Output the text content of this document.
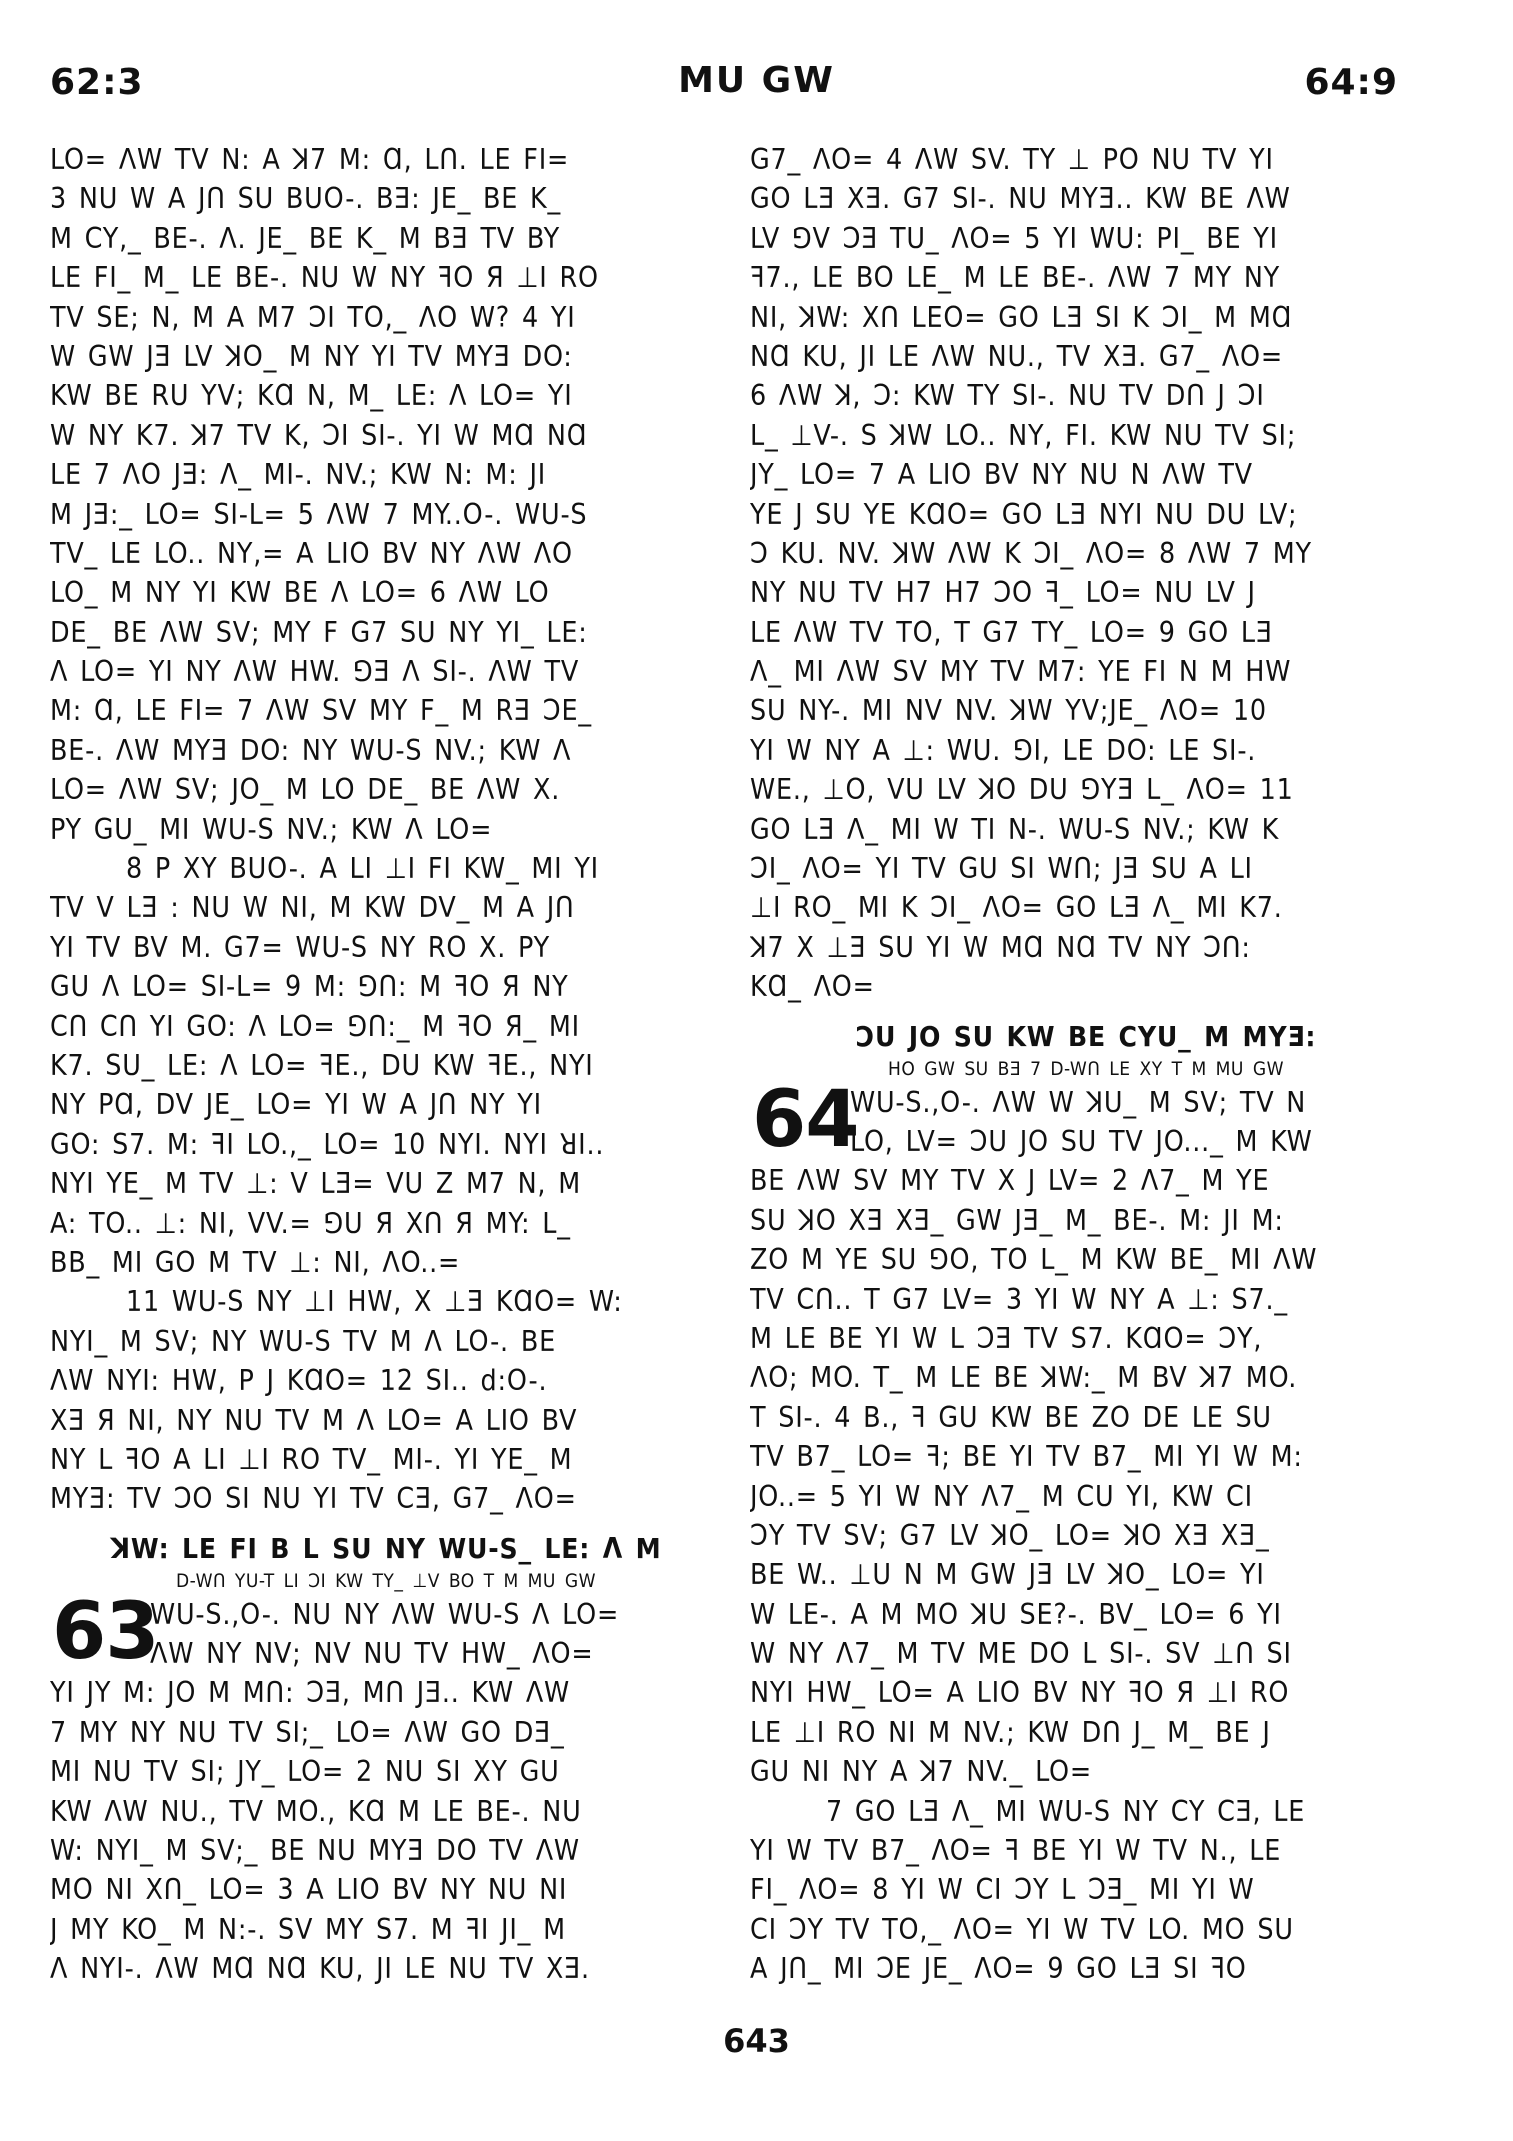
62:3	MU GW	64:9
LO= ΛW TV N: A ꓘ7 M: Ɑ, LՈ. LE FI=
3 NU W A JՈ SU BUO-. BƎ: JE_ BE K_
M CY,_ BE-. Λ. JE_ BE K_ M BƎ TV BY
LE FI_ M_ LE BE-. NU W NY ꟻO Я ⊥I RO
TV SE; N, M A M7 ƆI TO,_ ΛO W? 4 YI
W GW JƎ LV ꓘO_ M NY YI TV MYƎ DO:
KW BE RU YV; KⱭ N, M_ LE: Λ LO= YI
W NY K7. ꓘ7 TV K, ƆI SI-. YI W MⱭ NⱭ
LE 7 ΛO JƎ: Λ_ MI-. NV.; KW N: M: JI
M JƎ:_ LO= SI-L= 5 ΛW 7 MY..O-. WU-S
TV_ LE LO.. NY,= A LIO BV NY ΛW ΛO
LO_ M NY YI KW BE Λ LO= 6 ΛW LO
DE_ BE ΛW SV; MY F G7 SU NY YI_ LE:
Λ LO= YI NY ΛW HW. ⅁Ǝ Λ SI-. ΛW TV
M: Ɑ, LE FI= 7 ΛW SV MY F_ M RƎ ƆE_
BE-. ΛW MYƎ DO: NY WU-S NV.; KW Λ
LO= ΛW SV; JO_ M LO DE_ BE ΛW X.
PY GU_ MI WU-S NV.; KW Λ LO=
8 P XY BUO-. A LI ⊥I FI KW_ MI YI
TV V LƎ : NU W NI, M KW DV_ M A JՈ
YI TV BV M. G7= WU-S NY RO X. PY
GU Λ LO= SI-L= 9 M: ⅁Ո: M ꟻO Я NY
CՈ CՈ YI GO: Λ LO= ⅁Ո:_ M ꟻO Я_ MI
K7. SU_ LE: Λ LO= ꟻE., DU KW ꟻE., NYI
NY PⱭ, DV JE_ LO= YI W A JՈ NY YI
GO: S7. M: ꟻI LO.,_ LO= 10 NYI. NYI ꓤI..
NYI YE_ M TV ⊥: V LƎ= VU Z M7 N, M
A: TO.. ⊥: NI, VV.= ⅁U Я XՈ Я MY: L_
BB_ MI GO M TV ⊥: NI, ΛO..=
11 WU-S NY ⊥I HW, X ⊥Ǝ KⱭO= W:
NYI_ M SV; NY WU-S TV M Λ LO-. BE
ΛW NYI: HW, P J KⱭO= 12 SI.. ⅾ:O-.
XƎ Я NI, NY NU TV M Λ LO= A LIO BV
NY L ꟻO A LI ⊥I RO TV_ MI-. YI YE_ M
MYƎ: TV ƆO SI NU YI TV CƎ, G7_ ΛO=
ꓘW: LE FI B L SU NY WU-S_ LE: Λ M
D-WՈ YU-T LI ƆI KW TY_ ⊥V BO T M MU GW
63
WU-S.,O-. NU NY ΛW WU-S Λ LO=
ΛW NY NV; NV NU TV HW_ ΛO=
YI JY M: JO M MՈ: ƆƎ, MՈ JƎ.. KW ΛW
7 MY NY NU TV SI;_ LO= ΛW GO DƎ_
MI NU TV SI; JY_ LO= 2 NU SI XY GU
KW ΛW NU., TV MO., KⱭ M LE BE-. NU
W: NYI_ M SV;_ BE NU MYƎ DO TV ΛW
MO NI XՈ_ LO= 3 A LIO BV NY NU NI
J MY KO_ M N:-. SV MY S7. M ꟻI JI_ M
Λ NYI-. ΛW MⱭ NⱭ KU, JI LE NU TV XƎ.
G7_ ΛO= 4 ΛW SV. TY ⊥ PO NU TV YI
GO LƎ XƎ. G7 SI-. NU MYƎ.. KW BE ΛW
LV ⅁V ƆƎ TU_ ΛO= 5 YI WU: PI_ BE YI
ꟻ7., LE BO LE_ M LE BE-. ΛW 7 MY NY
NI, ꓘW: XՈ LEO= GO LƎ SI K ƆI_ M MⱭ
NⱭ KU, JI LE ΛW NU., TV XƎ. G7_ ΛO=
6 ΛW ꓘ, Ɔ: KW TY SI-. NU TV DՈ J ƆI
L_ ⊥V-. S ꓘW LO.. NY, FI. KW NU TV SI;
JY_ LO= 7 A LIO BV NY NU N ΛW TV
YE J SU YE KⱭO= GO LƎ NYI NU DU LV;
Ɔ KU. NV. ꓘW ΛW K ƆI_ ΛO= 8 ΛW 7 MY
NY NU TV H7 H7 ƆO ꟻ_ LO= NU LV J
LE ΛW TV TO, T G7 TY_ LO= 9 GO LƎ
Λ_ MI ΛW SV MY TV M7: YE FI N M HW
SU NY-. MI NV NV. ꓘW YV;JE_ ΛO= 10
YI W NY A ⊥: WU. ⅁I, LE DO: LE SI-.
WE., ⊥O, VU LV ꓘO DU ⅁YƎ L_ ΛO= 11
GO LƎ Λ_ MI W TI N-. WU-S NV.; KW K
ƆI_ ΛO= YI TV GU SI WՈ; JƎ SU A LI
⊥I RO_ MI K ƆI_ ΛO= GO LƎ Λ_ MI K7.
ꓘ7 X ⊥Ǝ SU YI W MⱭ NⱭ TV NY ƆՈ:
KⱭ_ ΛO=
ƆU JO SU KW BE CYU_ M MYƎ:
HO GW SU BƎ 7 D-WՈ LE XY T M MU GW
64
WU-S.,O-. ΛW W ꓘU_ M SV; TV N
LO, LV= ƆU JO SU TV JO..._ M KW
BE ΛW SV MY TV X J LV= 2 Λ7_ M YE
SU ꓘO XƎ XƎ_ GW JƎ_ M_ BE-. M: JI M:
ZO M YE SU ⅁O, TO L_ M KW BE_ MI ΛW
TV CՈ.. T G7 LV= 3 YI W NY A ⊥: S7._
M LE BE YI W L ƆƎ TV S7. KⱭO= ƆY,
ΛO; MO. T_ M LE BE ꓘW:_ M BV ꓘ7 MO.
T SI-. 4 B., ꟻ GU KW BE ZO DE LE SU
TV B7_ LO= ꟻ; BE YI TV B7_ MI YI W M:
JO..= 5 YI W NY Λ7_ M CU YI, KW CI
ƆY TV SV; G7 LV ꓘO_ LO= ꓘO XƎ XƎ_
BE W.. ⊥U N M GW JƎ LV ꓘO_ LO= YI
W LE-. A M MO ꓘU SE?-. BV_ LO= 6 YI
W NY Λ7_ M TV ME DO L SI-. SV ⊥Ո SI
NYI HW_ LO= A LIO BV NY ꟻO Я ⊥I RO
LE ⊥I RO NI M NV.; KW DՈ J_ M_ BE J
GU NI NY A ꓘ7 NV._ LO=
7 GO LƎ Λ_ MI WU-S NY CY CƎ, LE
YI W TV B7_ ΛO= ꟻ BE YI W TV N., LE
FI_ ΛO= 8 YI W CI ƆY L ƆƎ_ MI YI W
CI ƆY TV TO,_ ΛO= YI W TV LO. MO SU
A JՈ_ MI ƆE JE_ ΛO= 9 GO LƎ SI ꟻO
643
